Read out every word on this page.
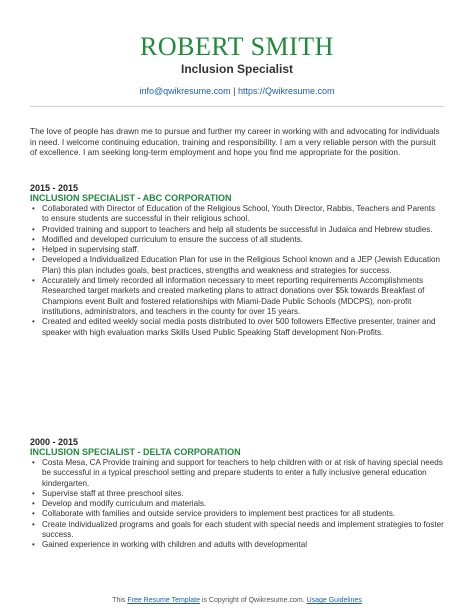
ROBERT SMITH
Inclusion Specialist
info@qwikresume.com | https://Qwikresume.com
The love of people has drawn me to pursue and further my career in working with and advocating for individuals in need. I welcome continuing education, training and responsibility. I am a very reliable person with the pursuit of excellence. I am seeking long-term employment and hope you find me appropriate for the position.
2015 - 2015
INCLUSION SPECIALIST - ABC CORPORATION
• Collaborated with Director of Education of the Religious School, Youth Director, Rabbis, Teachers and Parents to ensure students are successful in their religious school.
• Provided training and support to teachers and help all students be successful in Judaica and Hebrew studies.
• Modified and developed curriculum to ensure the success of all students.
• Helped in supervising staff.
• Developed a Individualized Education Plan for use in the Religious School known and a JEP (Jewish Education Plan) this plan includes goals, best practices, strengths and weakness and strategies for success.
• Accurately and timely recorded all information necessary to meet reporting requirements Accomplishments Researched target markets and created marketing plans to attract donations over $5k towards Breakfast of Champions event Built and fostered relationships with Miami-Dade Public Schools (MDCPS), non-profit institutions, administrators, and teachers in the county for over 15 years.
• Created and edited weekly social media posts distributed to over 500 followers Effective presenter, trainer and speaker with high evaluation marks Skills Used Public Speaking Staff development Non-Profits.
2000 - 2015
INCLUSION SPECIALIST - DELTA CORPORATION
• Costa Mesa, CA Provide training and support for teachers to help children with or at risk of having special needs be successful in a typical preschool setting and prepare students to enter a fully inclusive general education kindergarten.
• Supervise staff at three preschool sites.
• Develop and modify curriculum and materials.
• Collaborate with families and outside service providers to implement best practices for all students.
• Create individualized programs and goals for each student with special needs and implement strategies to foster success.
• Gained experience in working with children and adults with developmental
This Free Resume Template is Copyright of Qwikresume.com. Usage Guidelines
